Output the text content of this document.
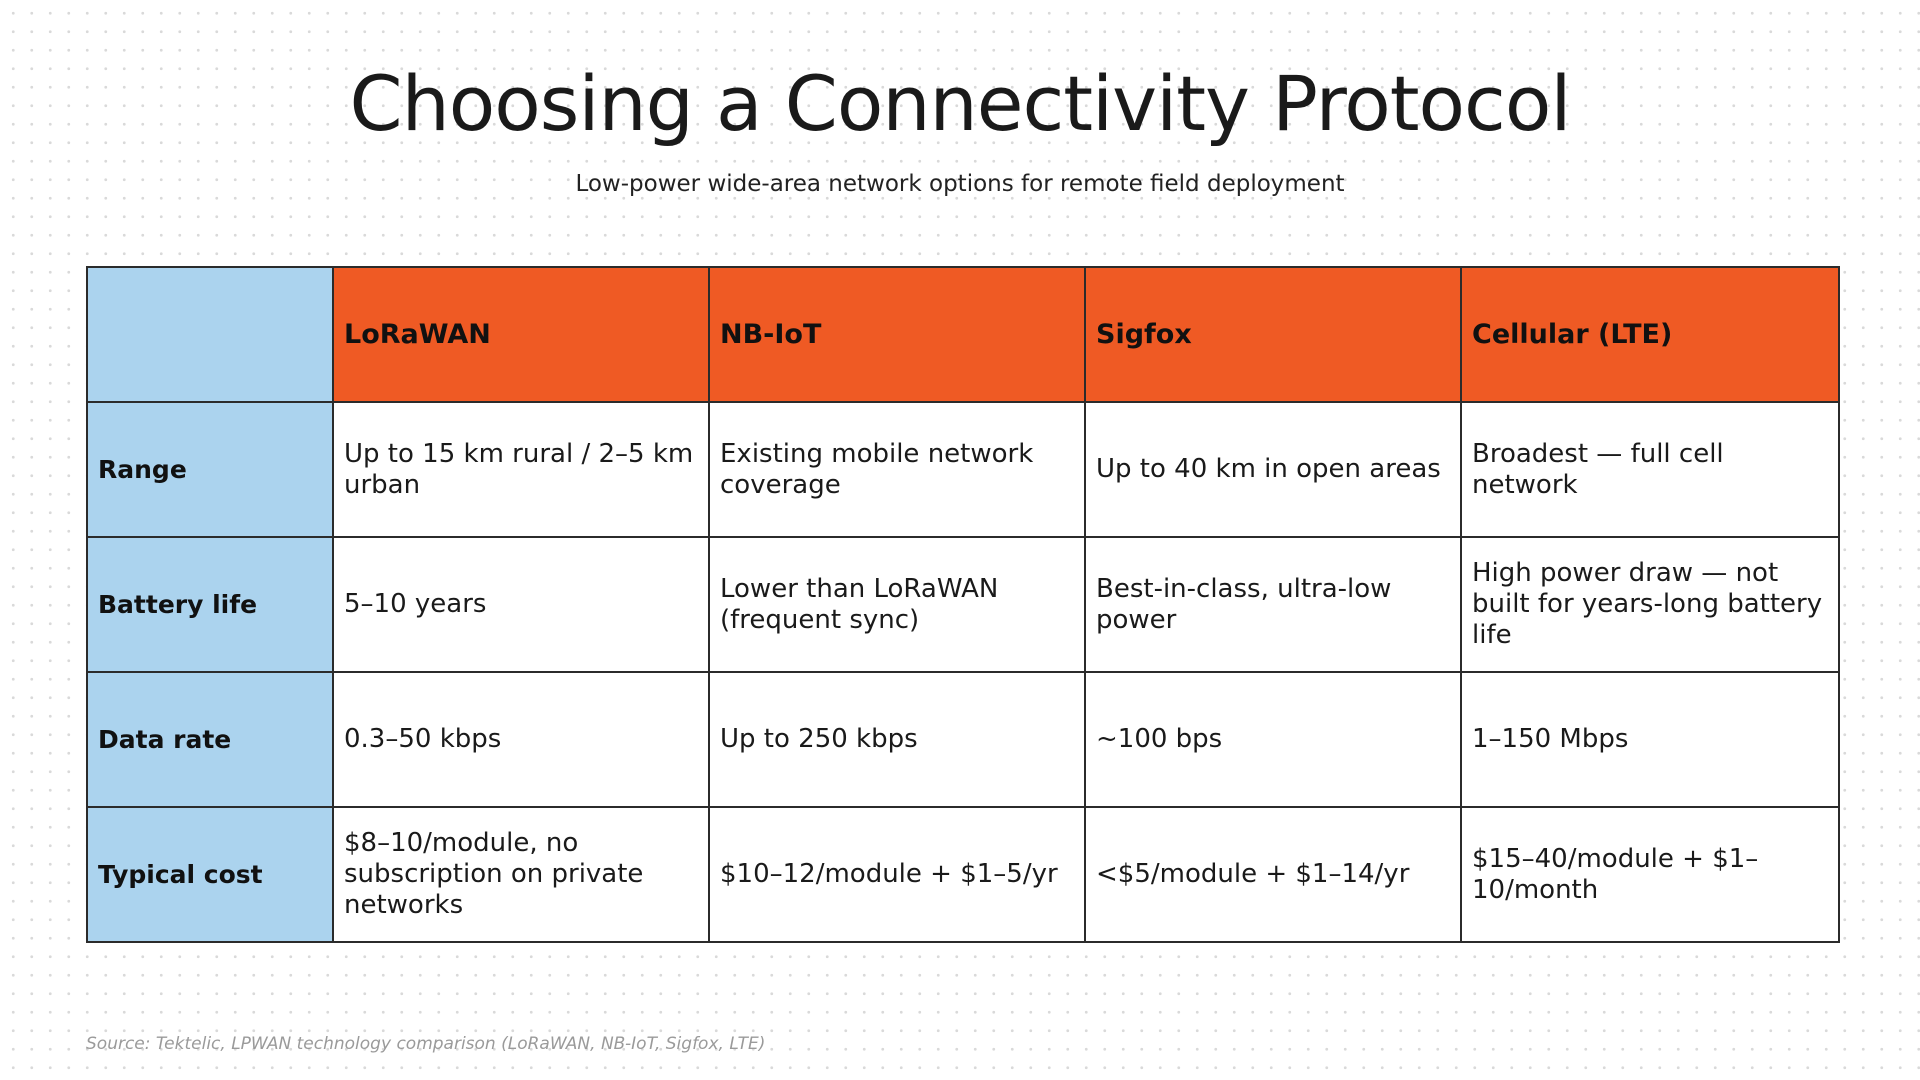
Choosing a Connectivity Protocol
Low-power wide-area network options for remote field deployment
	LoRaWAN	NB-IoT	Sigfox	Cellular (LTE)
Range	Up to 15 km rural / 2–5 km urban	Existing mobile network coverage	Up to 40 km in open areas	Broadest — full cell network
Battery life	5–10 years	Lower than LoRaWAN (frequent sync)	Best-in-class, ultra-low power	High power draw — not built for years-long battery life
Data rate	0.3–50 kbps	Up to 250 kbps	~100 bps	1–150 Mbps
Typical cost	$8–10/module, no subscription on private networks	$10–12/module + $1–5/yr	<$5/module + $1–14/yr	$15–40/module + $1–10/month
Source: Tektelic, LPWAN technology comparison (LoRaWAN, NB-IoT, Sigfox, LTE)
